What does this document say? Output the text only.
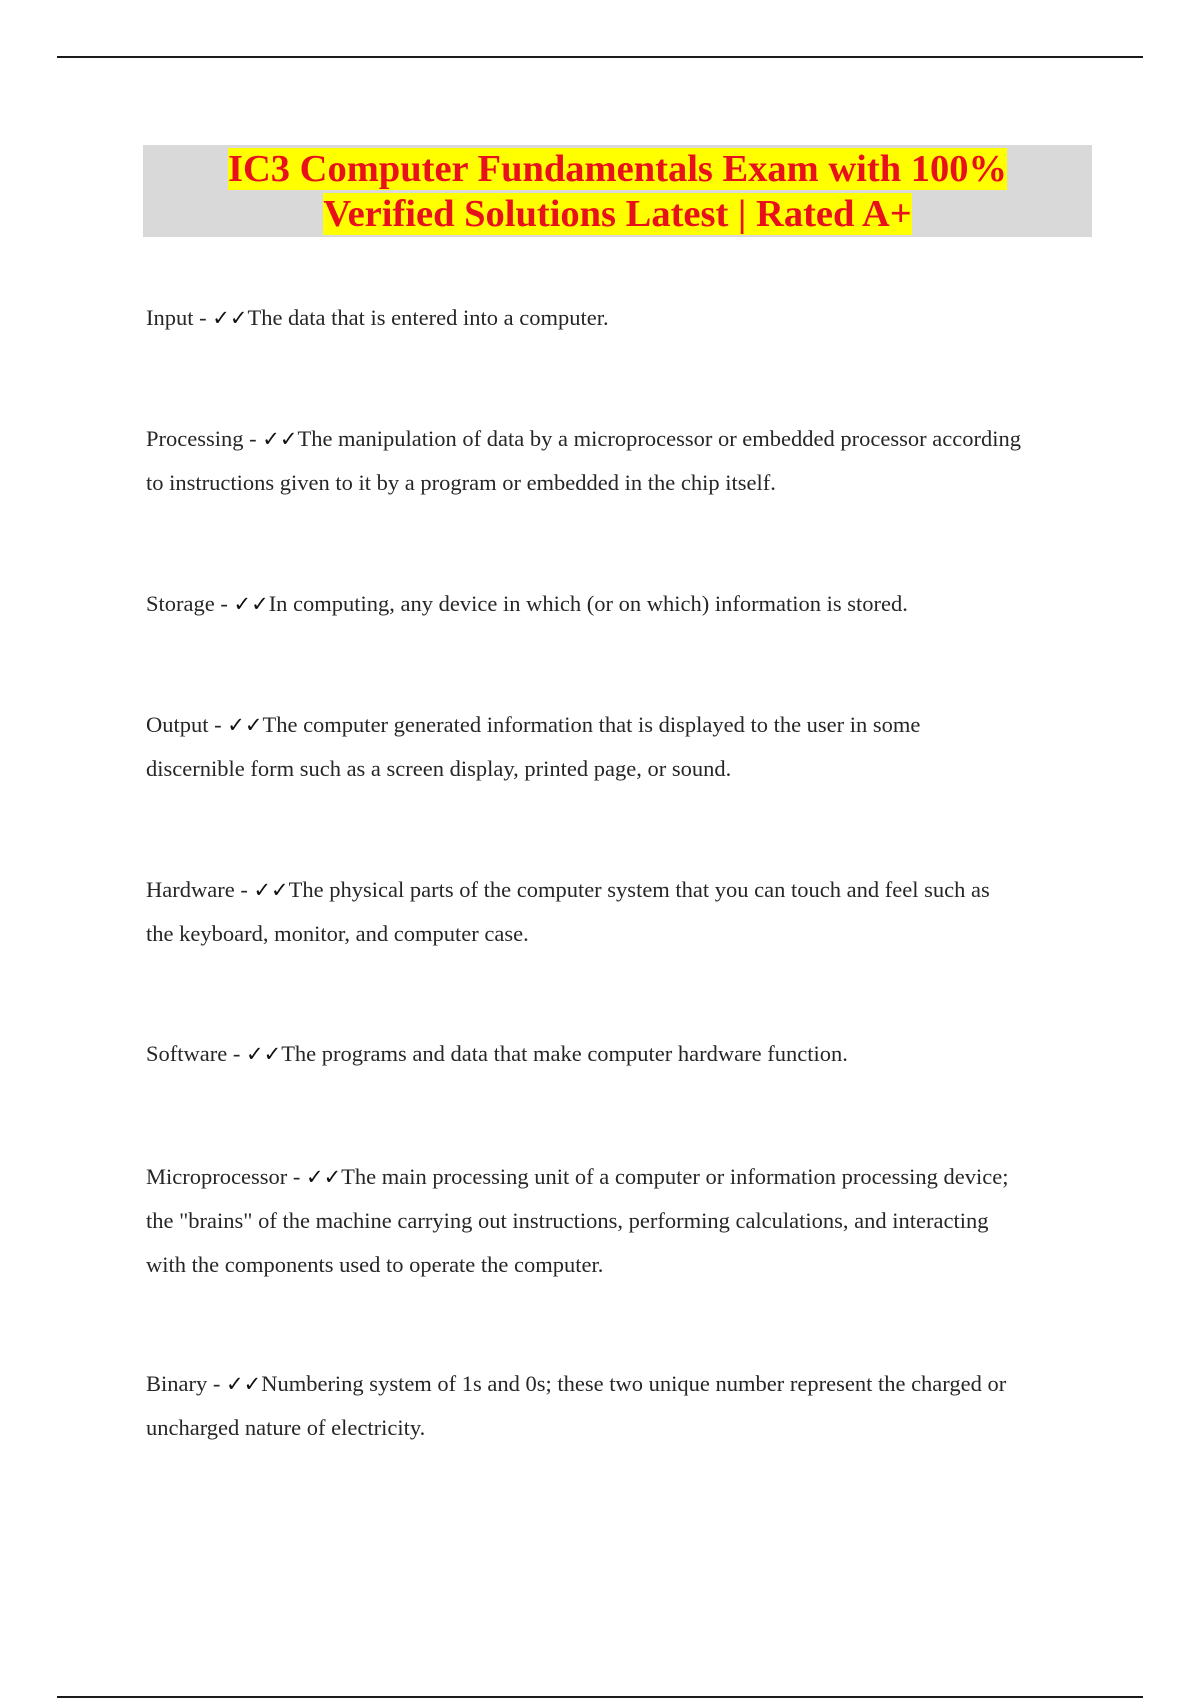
IC3 Computer Fundamentals Exam with 100%
Verified Solutions Latest | Rated A+
Input - ✓✓The data that is entered into a computer.
Processing - ✓✓The manipulation of data by a microprocessor or embedded processor according
to instructions given to it by a program or embedded in the chip itself.
Storage - ✓✓In computing, any device in which (or on which) information is stored.
Output - ✓✓The computer generated information that is displayed to the user in some
discernible form such as a screen display, printed page, or sound.
Hardware - ✓✓The physical parts of the computer system that you can touch and feel such as
the keyboard, monitor, and computer case.
Software - ✓✓The programs and data that make computer hardware function.
Microprocessor - ✓✓The main processing unit of a computer or information processing device;
the "brains" of the machine carrying out instructions, performing calculations, and interacting
with the components used to operate the computer.
Binary - ✓✓Numbering system of 1s and 0s; these two unique number represent the charged or
uncharged nature of electricity.
